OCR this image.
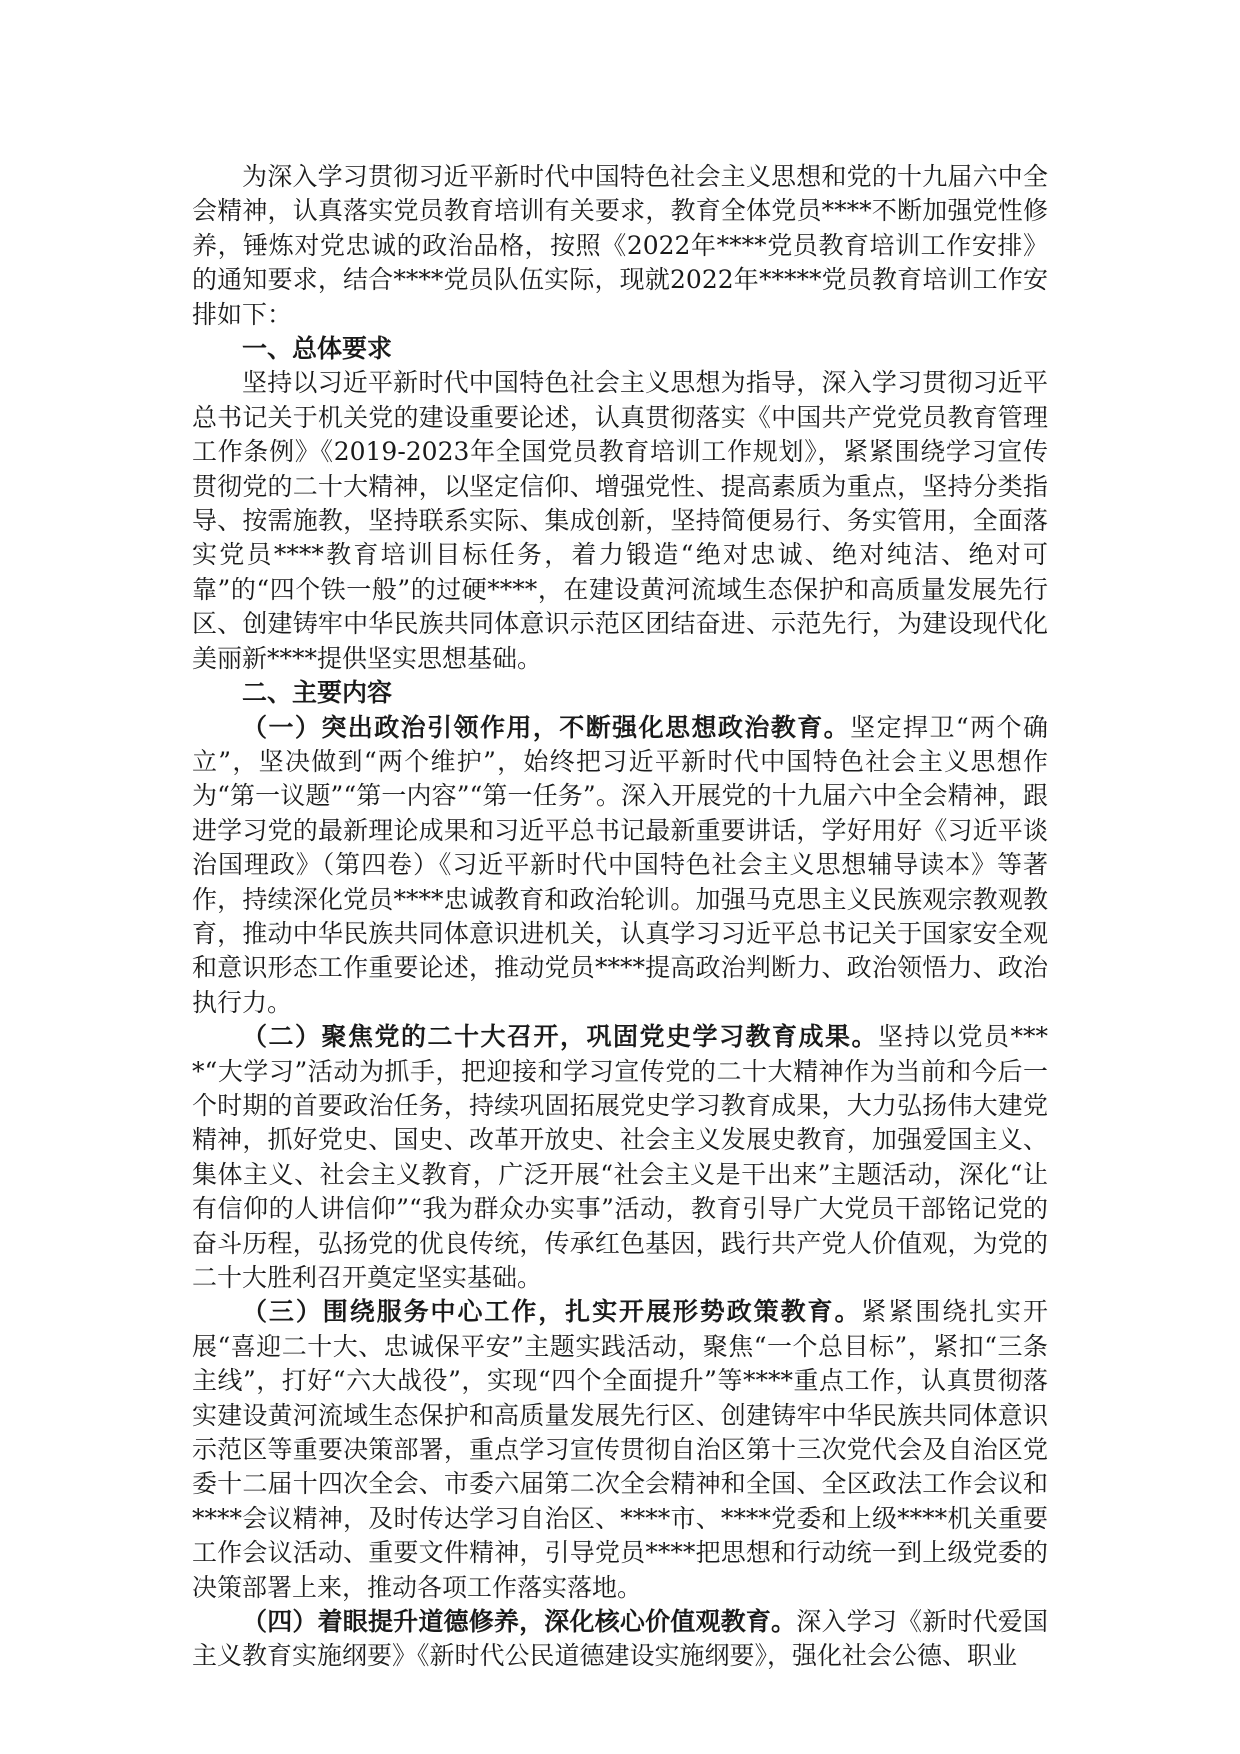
为深入学习贯彻习近平新时代中国特色社会主义思想和党的十九届六中全会精神，认真落实党员教育培训有关要求，教育全体党员****不断加强党性修养，锤炼对党忠诚的政治品格，按照《2022年****党员教育培训工作安排》的通知要求，结合****党员队伍实际，现就2022年*****党员教育培训工作安排如下：

一、总体要求

坚持以习近平新时代中国特色社会主义思想为指导，深入学习贯彻习近平总书记关于机关党的建设重要论述，认真贯彻落实《中国共产党党员教育管理工作条例》《2019-2023年全国党员教育培训工作规划》，紧紧围绕学习宣传贯彻党的二十大精神，以坚定信仰、增强党性、提高素质为重点，坚持分类指导、按需施教，坚持联系实际、集成创新，坚持简便易行、务实管用，全面落实党员****教育培训目标任务，着力锻造“绝对忠诚、绝对纯洁、绝对可靠”的“四个铁一般”的过硬****，在建设黄河流域生态保护和高质量发展先行区、创建铸牢中华民族共同体意识示范区团结奋进、示范先行，为建设现代化美丽新****提供坚实思想基础。

二、主要内容

（一）突出政治引领作用，不断强化思想政治教育。坚定捍卫“两个确立”，坚决做到“两个维护”，始终把习近平新时代中国特色社会主义思想作为“第一议题”“第一内容”“第一任务”。深入开展党的十九届六中全会精神，跟进学习党的最新理论成果和习近平总书记最新重要讲话，学好用好《习近平谈治国理政》（第四卷）《习近平新时代中国特色社会主义思想辅导读本》等著作，持续深化党员****忠诚教育和政治轮训。加强马克思主义民族观宗教观教育，推动中华民族共同体意识进机关，认真学习习近平总书记关于国家安全观和意识形态工作重要论述，推动党员****提高政治判断力、政治领悟力、政治执行力。

（二）聚焦党的二十大召开，巩固党史学习教育成果。坚持以党员****“大学习”活动为抓手，把迎接和学习宣传党的二十大精神作为当前和今后一个时期的首要政治任务，持续巩固拓展党史学习教育成果，大力弘扬伟大建党精神，抓好党史、国史、改革开放史、社会主义发展史教育，加强爱国主义、集体主义、社会主义教育，广泛开展“社会主义是干出来”主题活动，深化“让有信仰的人讲信仰”“我为群众办实事”活动，教育引导广大党员干部铭记党的奋斗历程，弘扬党的优良传统，传承红色基因，践行共产党人价值观，为党的二十大胜利召开奠定坚实基础。

（三）围绕服务中心工作，扎实开展形势政策教育。紧紧围绕扎实开展“喜迎二十大、忠诚保平安”主题实践活动，聚焦“一个总目标”，紧扣“三条主线”，打好“六大战役”，实现“四个全面提升”等****重点工作，认真贯彻落实建设黄河流域生态保护和高质量发展先行区、创建铸牢中华民族共同体意识示范区等重要决策部署，重点学习宣传贯彻自治区第十三次党代会及自治区党委十二届十四次全会、市委六届第二次全会精神和全国、全区政法工作会议和****会议精神，及时传达学习自治区、****市、****党委和上级****机关重要工作会议活动、重要文件精神，引导党员****把思想和行动统一到上级党委的决策部署上来，推动各项工作落实落地。

（四）着眼提升道德修养，深化核心价值观教育。深入学习《新时代爱国主义教育实施纲要》《新时代公民道德建设实施纲要》，强化社会公德、职业
